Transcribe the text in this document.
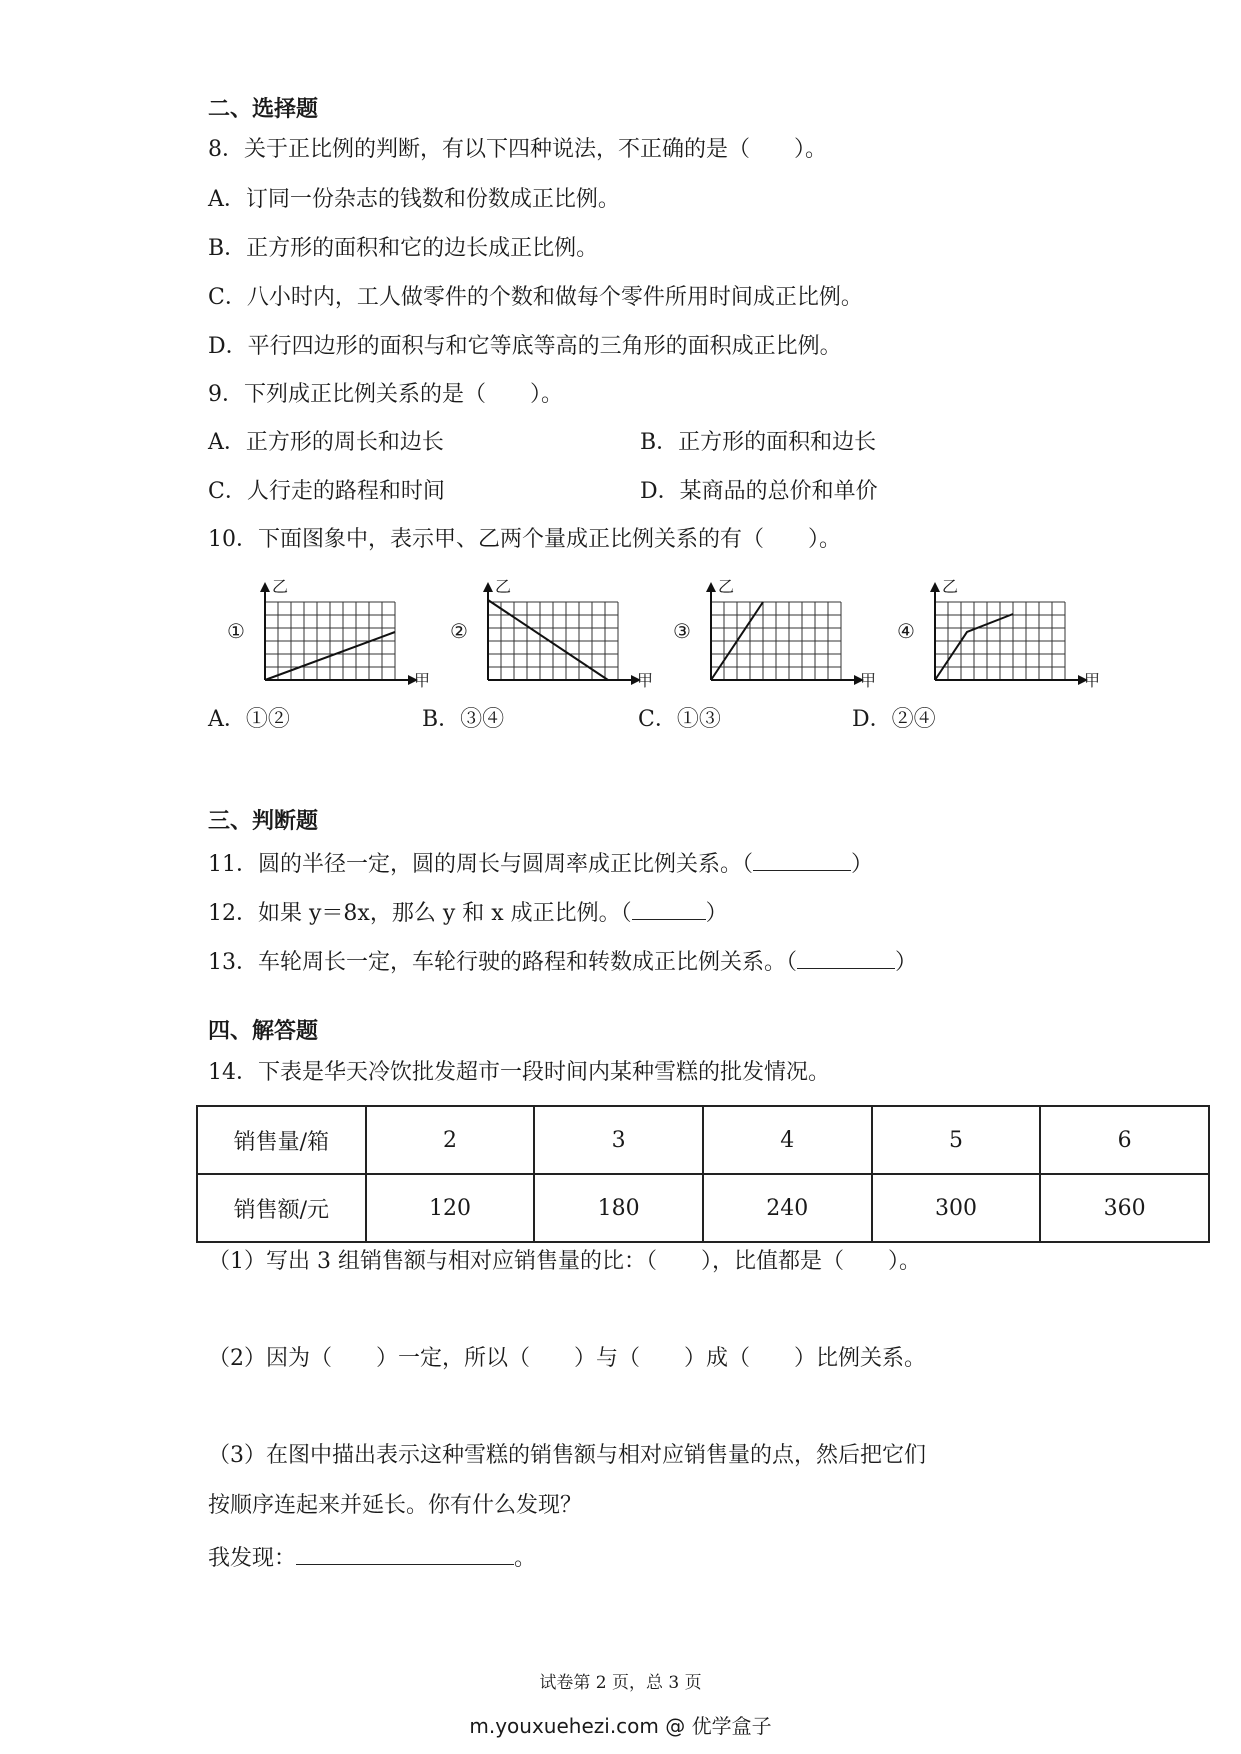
二、选择题
8．关于正比例的判断，有以下四种说法，不正确的是（　　）。
A．订同一份杂志的钱数和份数成正比例。
B．正方形的面积和它的边长成正比例。
C．八小时内，工人做零件的个数和做每个零件所用时间成正比例。
D．平行四边形的面积与和它等底等高的三角形的面积成正比例。
9．下列成正比例关系的是（　　）。
A．正方形的周长和边长	B．正方形的面积和边长
C．人行走的路程和时间	D．某商品的总价和单价
10．下面图象中，表示甲、乙两个量成正比例关系的有（　　）。
①
乙
甲
②
乙
甲
③
乙
甲
④
乙
甲
A．①②	B．③④	C．①③	D．②④
三、判断题
11．圆的半径一定，圆的周长与圆周率成正比例关系。（	）
12．如果 y＝8x，那么 y 和 x 成正比例。（	）
13．车轮周长一定，车轮行驶的路程和转数成正比例关系。（	）
四、解答题
14．下表是华天冷饮批发超市一段时间内某种雪糕的批发情况。
销售量/箱	2	3	4	5	6
销售额/元	120	180	240	300	360
（1）写出 3 组销售额与相对应销售量的比：（　　），比值都是（　　）。
（2）因为（　　）一定，所以（　　）与（　　）成（　　）比例关系。
（3）在图中描出表示这种雪糕的销售额与相对应销售量的点，然后把它们
按顺序连起来并延长。你有什么发现？
我发现：	。
试卷第 2 页，总 3 页
m.youxuehezi.com @ 优学盒子
